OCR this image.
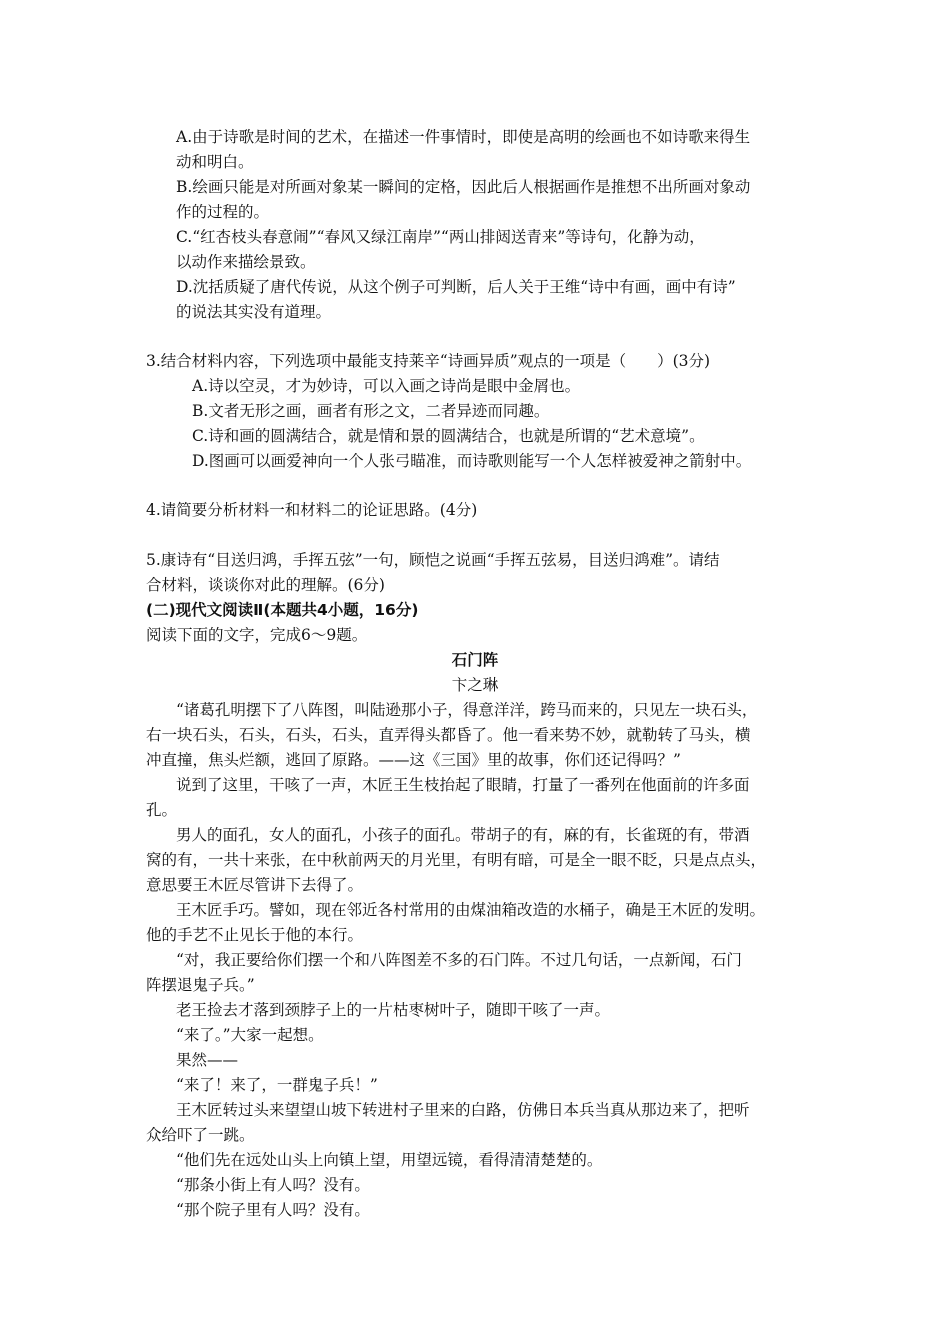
A.由于诗歌是时间的艺术，在描述一件事情时，即使是高明的绘画也不如诗歌来得生
动和明白。
B.绘画只能是对所画对象某一瞬间的定格，因此后人根据画作是推想不出所画对象动
作的过程的。
C.“红杏枝头春意闹”“春风又绿江南岸”“两山排闼送青来”等诗句，化静为动，
以动作来描绘景致。
D.沈括质疑了唐代传说，从这个例子可判断，后人关于王维“诗中有画，画中有诗”
的说法其实没有道理。
3.结合材料内容，下列选项中最能支持莱辛“诗画异质”观点的一项是（　　）(3分)
A.诗以空灵，才为妙诗，可以入画之诗尚是眼中金屑也。
B.文者无形之画，画者有形之文，二者异迹而同趣。
C.诗和画的圆满结合，就是情和景的圆满结合，也就是所谓的“艺术意境”。
D.图画可以画爱神向一个人张弓瞄准，而诗歌则能写一个人怎样被爱神之箭射中。
4.请简要分析材料一和材料二的论证思路。(4分)
5.康诗有“目送归鸿，手挥五弦”一句，顾恺之说画“手挥五弦易，目送归鸿难”。请结
合材料，谈谈你对此的理解。(6分)
(二)现代文阅读Ⅱ(本题共4小题，16分)
阅读下面的文字，完成6～9题。
石门阵
卞之琳
“诸葛孔明摆下了八阵图，叫陆逊那小子，得意洋洋，跨马而来的，只见左一块石头，
右一块石头，石头，石头，石头，直弄得头都昏了。他一看来势不妙，就勒转了马头，横
冲直撞，焦头烂额，逃回了原路。——这《三国》里的故事，你们还记得吗？”
说到了这里，干咳了一声，木匠王生枝抬起了眼睛，打量了一番列在他面前的许多面
孔。
男人的面孔，女人的面孔，小孩子的面孔。带胡子的有，麻的有，长雀斑的有，带酒
窝的有，一共十来张，在中秋前两天的月光里，有明有暗，可是全一眼不眨，只是点点头，
意思要王木匠尽管讲下去得了。
王木匠手巧。譬如，现在邻近各村常用的由煤油箱改造的水桶子，确是王木匠的发明。
他的手艺不止见长于他的本行。
“对，我正要给你们摆一个和八阵图差不多的石门阵。不过几句话，一点新闻，石门
阵摆退鬼子兵。”
老王捡去才落到颈脖子上的一片枯枣树叶子，随即干咳了一声。
“来了。”大家一起想。
果然——
“来了！来了，一群鬼子兵！”
王木匠转过头来望望山坡下转进村子里来的白路，仿佛日本兵当真从那边来了，把听
众给吓了一跳。
“他们先在远处山头上向镇上望，用望远镜，看得清清楚楚的。
“那条小街上有人吗？没有。
“那个院子里有人吗？没有。
